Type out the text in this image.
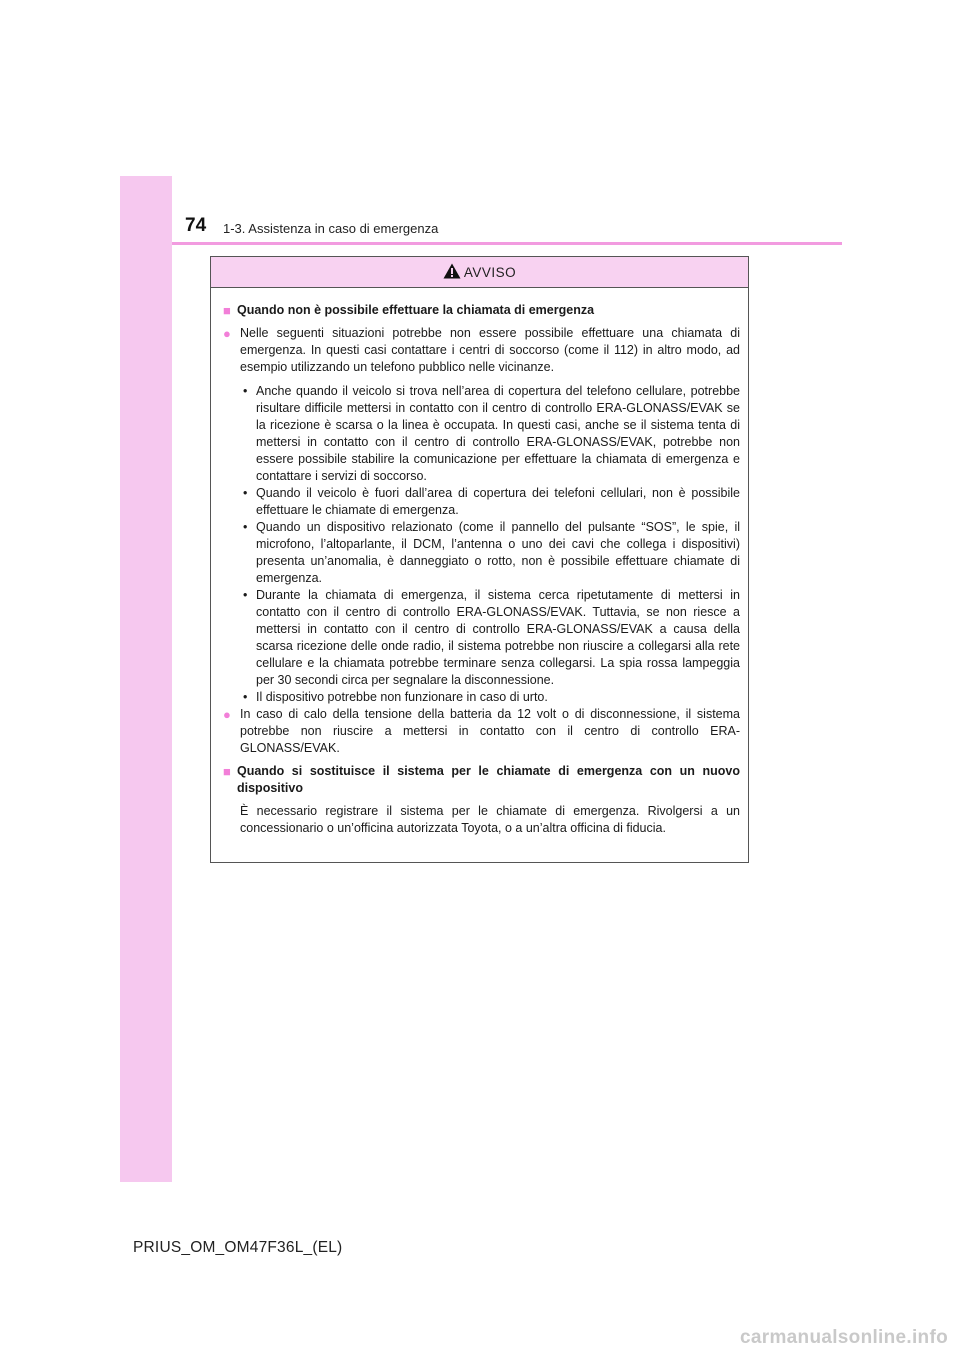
74 1-3. Assistenza in caso di emergenza
AVVISO
■ Quando non è possibile effettuare la chiamata di emergenza
● Nelle seguenti situazioni potrebbe non essere possibile effettuare una chiamata di emergenza. In questi casi contattare i centri di soccorso (come il 112) in altro modo, ad esempio utilizzando un telefono pubblico nelle vicinanze.
• Anche quando il veicolo si trova nell’area di copertura del telefono cellulare, potrebbe risultare difficile mettersi in contatto con il centro di controllo ERA-GLONASS/EVAK se la ricezione è scarsa o la linea è occupata. In questi casi, anche se il sistema tenta di mettersi in contatto con il centro di controllo ERA-GLONASS/EVAK, potrebbe non essere possibile stabilire la comunicazione per effettuare la chiamata di emergenza e contattare i servizi di soccorso.
• Quando il veicolo è fuori dall’area di copertura dei telefoni cellulari, non è possibile effettuare le chiamate di emergenza.
• Quando un dispositivo relazionato (come il pannello del pulsante “SOS”, le spie, il microfono, l’altoparlante, il DCM, l’antenna o uno dei cavi che collega i dispositivi) presenta un’anomalia, è danneggiato o rotto, non è possibile effettuare chiamate di emergenza.
• Durante la chiamata di emergenza, il sistema cerca ripetutamente di mettersi in contatto con il centro di controllo ERA-GLONASS/EVAK. Tuttavia, se non riesce a mettersi in contatto con il centro di controllo ERA-GLONASS/EVAK a causa della scarsa ricezione delle onde radio, il sistema potrebbe non riuscire a collegarsi alla rete cellulare e la chiamata potrebbe terminare senza collegarsi. La spia rossa lampeggia per 30 secondi circa per segnalare la disconnessione.
• Il dispositivo potrebbe non funzionare in caso di urto.
● In caso di calo della tensione della batteria da 12 volt o di disconnessione, il sistema potrebbe non riuscire a mettersi in contatto con il centro di controllo ERA-GLONASS/EVAK.
■ Quando si sostituisce il sistema per le chiamate di emergenza con un nuovo dispositivo

È necessario registrare il sistema per le chiamate di emergenza. Rivolgersi a un concessionario o un’officina autorizzata Toyota, o a un’altra officina di fiducia.

PRIUS_OM_OM47F36L_(EL)
carmanualsonline.info
